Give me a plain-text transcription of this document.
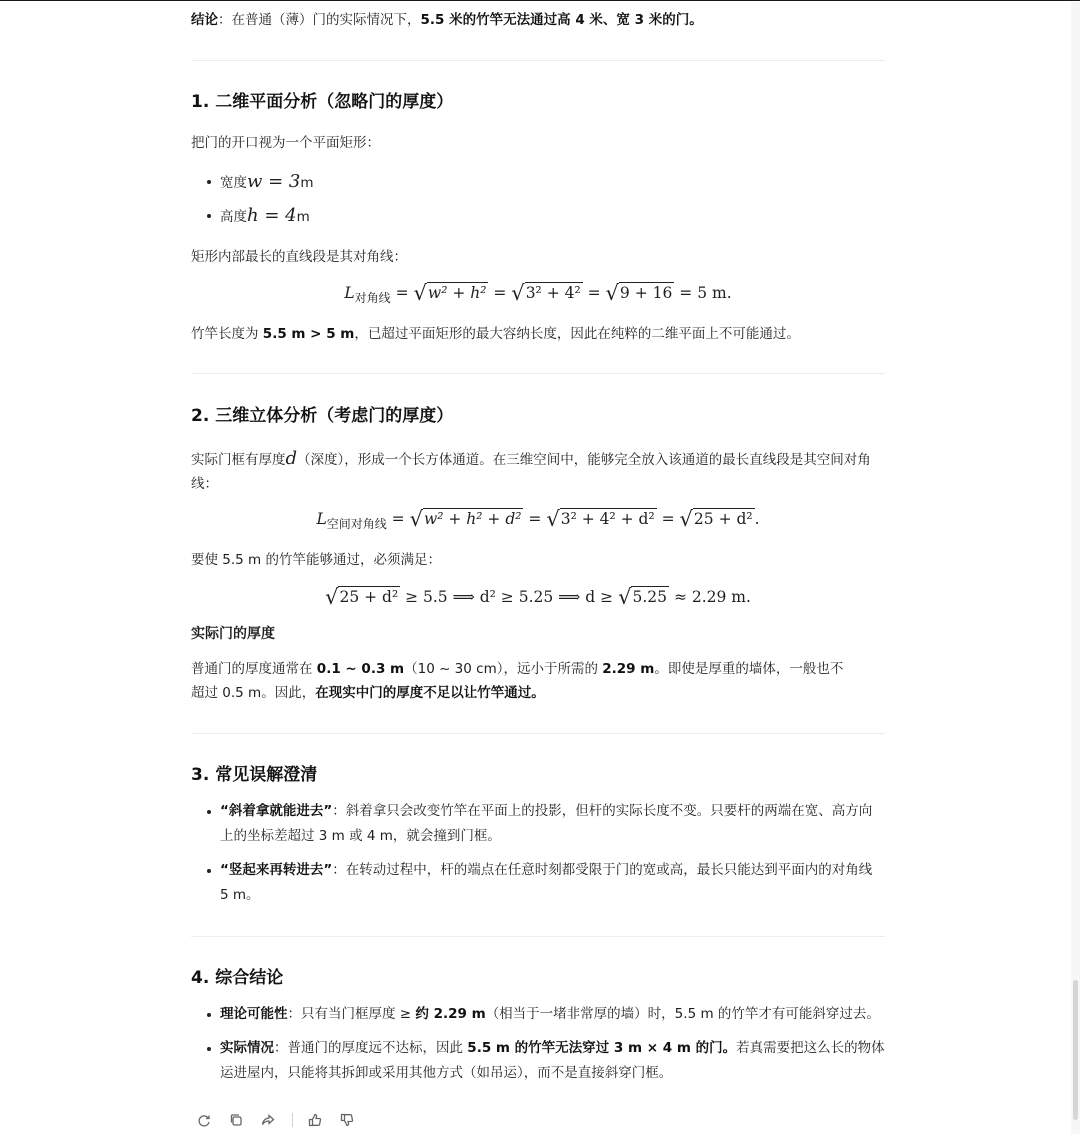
结论：在普通（薄）门的实际情况下，5.5 米的竹竿无法通过高 4 米、宽 3 米的门。

1. 二维平面分析（忽略门的厚度）

把门的开口视为一个平面矩形：

宽度w = 3m
高度h = 4m

矩形内部最长的直线段是其对角线：

$L_{对角线} = √w^2 + h^2 = √3^2 + 4^2 = √9 + 16 = 5$ m.

竹竿长度为 5.5 m > 5 m，已超过平面矩形的最大容纳长度，因此在纯粹的二维平面上不可能通过。

2. 三维立体分析（考虑门的厚度）

实际门框有厚度d（深度），形成一个长方体通道。在三维空间中，能够完全放入该通道的最长直线段是其空间对角线：

$L_{空间对角线} = √w^2 + h^2 + d^2 = √3^2 + 4^2 + d^2 = √25 + d^2$ .

要使 5.5 m 的竹竿能够通过，必须满足：

√25 + d² ≥ 5.5 ⟹ d² ≥ 5.25 ⟹ d ≥ √5.25 ≈ 2.29 m.
实际门的厚度

普通门的厚度通常在 0.1 ~ 0.3 m（10 ~ 30 cm），远小于所需的 2.29 m。即使是厚重的墙体，一般也不超过 0.5 m。因此，在现实中门的厚度不足以让竹竿通过。

3. 常见误解澄清
“斜着拿就能进去”：斜着拿只会改变竹竿在平面上的投影，但杆的实际长度不变。只要杆的两端在宽、高方向上的坐标差超过 3 m 或 4 m，就会撞到门框。
“竖起来再转进去”：在转动过程中，杆的端点在任意时刻都受限于门的宽或高，最长只能达到平面内的对角线 5 m。
4. 综合结论
理论可能性：只有当门框厚度 ≥ 约 2.29 m（相当于一堵非常厚的墙）时，5.5 m 的竹竿才有可能斜穿过去。
实际情况：普通门的厚度远不达标，因此 5.5 m 的竹竿无法穿过 3 m × 4 m 的门。若真需要把这么长的物体运进屋内，只能将其拆卸或采用其他方式（如吊运），而不是直接斜穿门框。
